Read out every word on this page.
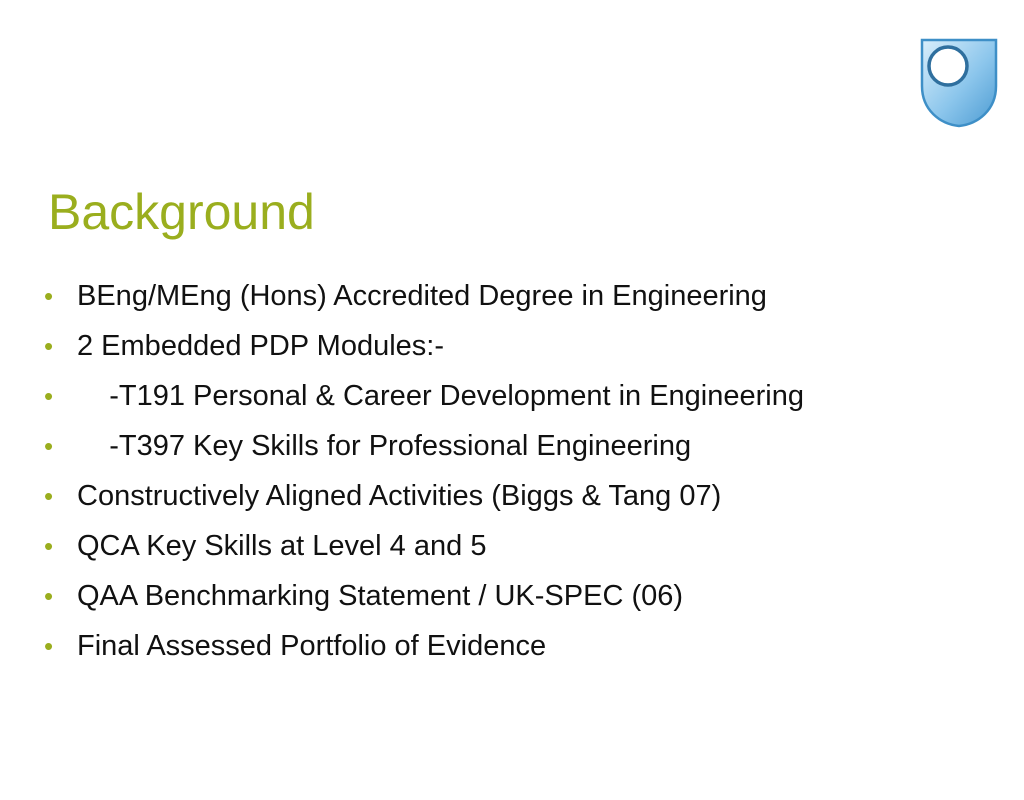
Background

•

BEng/MEng (Hons) Accredited Degree in Engineering

•

2 Embedded PDP Modules:-

•

-T191 Personal & Career Development in Engineering

•

-T397 Key Skills for Professional Engineering

•

Constructively Aligned Activities (Biggs & Tang 07)

•

QCA Key Skills at Level 4 and 5

•

QAA Benchmarking Statement / UK-SPEC (06)

•

Final Assessed Portfolio of Evidence
